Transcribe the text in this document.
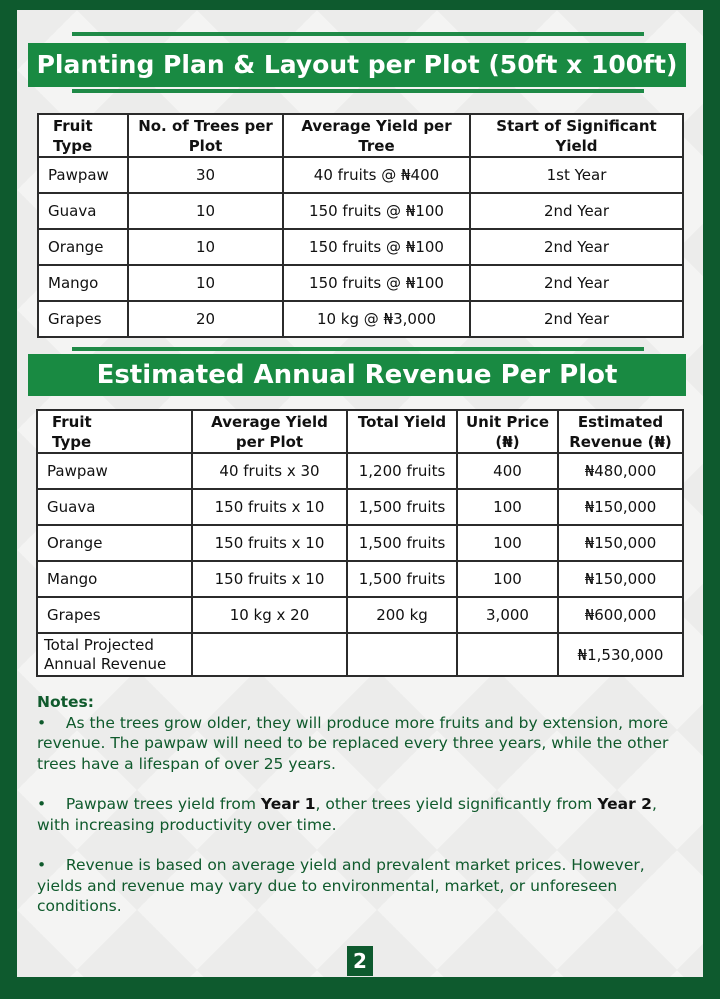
Planting Plan & Layout per Plot (50ft x 100ft)
Fruit Type	No. of Trees per Plot	Average Yield per Tree	Start of Significant Yield
Pawpaw	30	40 fruits @ ₦400	1st Year
Guava	10	150 fruits @ ₦100	2nd Year
Orange	10	150 fruits @ ₦100	2nd Year
Mango	10	150 fruits @ ₦100	2nd Year
Grapes	20	10 kg @ ₦3,000	2nd Year
Estimated Annual Revenue Per Plot
Fruit Type	Average Yield per Plot	Total Yield	Unit Price (₦)	Estimated Revenue (₦)
Pawpaw	40 fruits x 30	1,200 fruits	400	₦480,000
Guava	150 fruits x 10	1,500 fruits	100	₦150,000
Orange	150 fruits x 10	1,500 fruits	100	₦150,000
Mango	150 fruits x 10	1,500 fruits	100	₦150,000
Grapes	10 kg x 20	200 kg	3,000	₦600,000
Total Projected Annual Revenue				₦1,530,000
Notes:

• As the trees grow older, they will produce more fruits and by extension, more revenue. The pawpaw will need to be replaced every three years, while the other trees have a lifespan of over 25 years.

• Pawpaw trees yield from Year 1, other trees yield significantly from Year 2, with increasing productivity over time.

• Revenue is based on average yield and prevalent market prices. However, yields and revenue may vary due to environmental, market, or unforeseen conditions.

2
